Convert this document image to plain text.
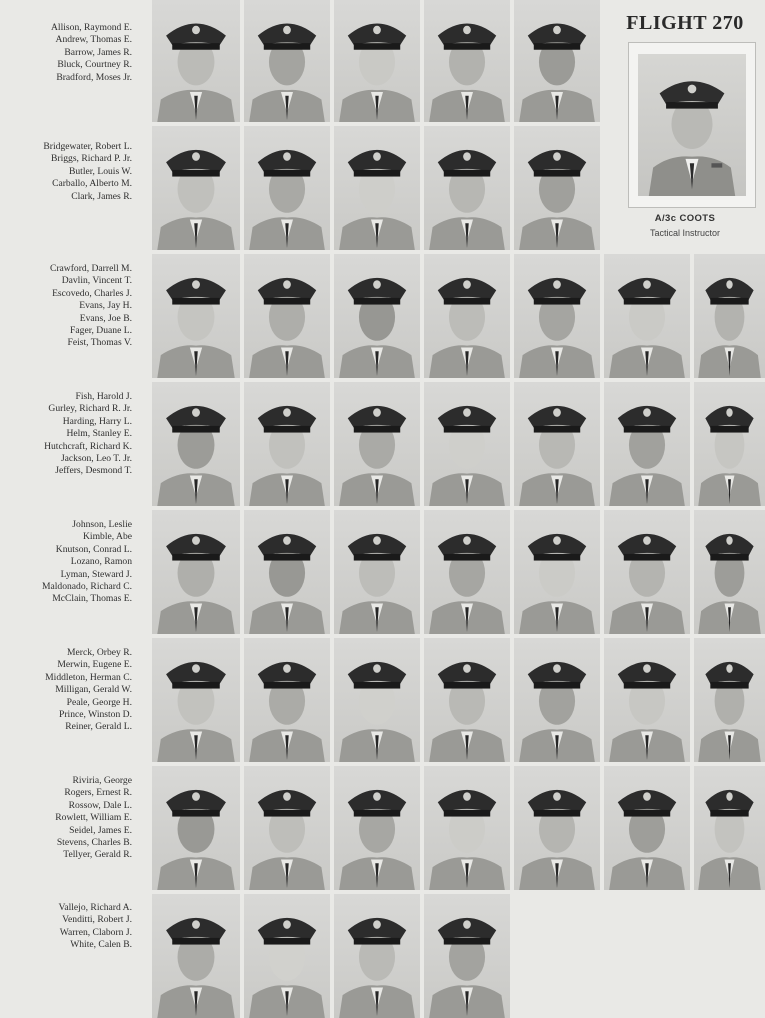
Allison, Raymond E.
Andrew, Thomas E.
Barrow, James R.
Bluck, Courtney R.
Bradford, Moses Jr.
Bridgewater, Robert L.
Briggs, Richard P. Jr.
Butler, Louis W.
Carballo, Alberto M.
Clark, James R.
Crawford, Darrell M.
Davlin, Vincent T.
Escovedo, Charles J.
Evans, Jay H.
Evans, Joe B.
Fager, Duane L.
Feist, Thomas V.
Fish, Harold J.
Gurley, Richard R. Jr.
Harding, Harry L.
Helm, Stanley E.
Hutchcraft, Richard K.
Jackson, Leo T. Jr.
Jeffers, Desmond T.
Johnson, Leslie
Kimble, Abe
Knutson, Conrad L.
Lozano, Ramon
Lyman, Steward J.
Maldonado, Richard C.
McClain, Thomas E.
Merck, Orbey R.
Merwin, Eugene E.
Middleton, Herman C.
Milligan, Gerald W.
Peale, George H.
Prince, Winston D.
Reiner, Gerald L.
Riviria, George
Rogers, Ernest R.
Rossow, Dale L.
Rowlett, William E.
Seidel, James E.
Stevens, Charles B.
Tellyer, Gerald R.
Vallejo, Richard A.
Venditti, Robert J.
Warren, Claborn J.
White, Calen B.
FLIGHT 270
A/3c COOTS
Tactical Instructor
